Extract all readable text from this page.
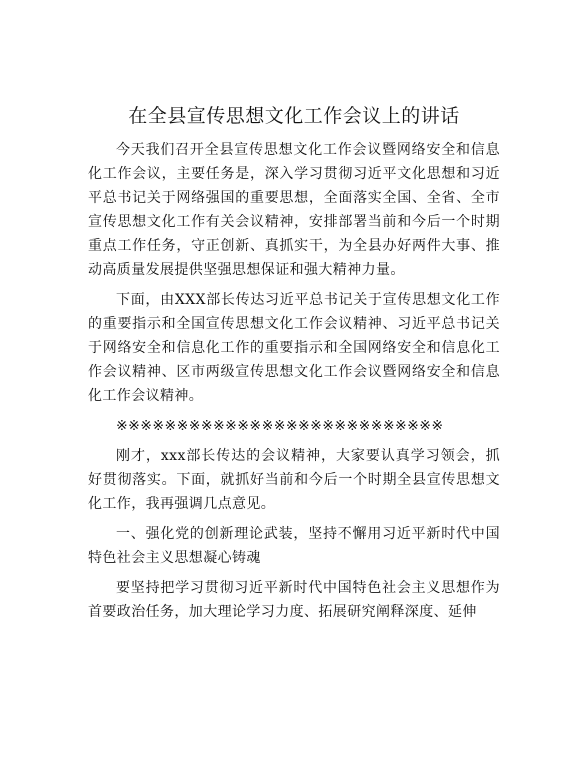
在全县宣传思想文化工作会议上的讲话

今天我们召开全县宣传思想文化工作会议暨网络安全和信息化工作会议，主要任务是，深入学习贯彻习近平文化思想和习近平总书记关于网络强国的重要思想，全面落实全国、全省、全市宣传思想文化工作有关会议精神，安排部署当前和今后一个时期重点工作任务，守正创新、真抓实干，为全县办好两件大事、推动高质量发展提供坚强思想保证和强大精神力量。

下面，由XXX部长传达习近平总书记关于宣传思想文化工作的重要指示和全国宣传思想文化工作会议精神、习近平总书记关于网络安全和信息化工作的重要指示和全国网络安全和信息化工作会议精神、区市两级宣传思想文化工作会议暨网络安全和信息化工作会议精神。

※※※※※※※※※※※※※※※※※※※※※※※※※※※

刚才，xxx部长传达的会议精神，大家要认真学习领会，抓好贯彻落实。下面，就抓好当前和今后一个时期全县宣传思想文化工作，我再强调几点意见。

一、强化党的创新理论武装，坚持不懈用习近平新时代中国特色社会主义思想凝心铸魂

要坚持把学习贯彻习近平新时代中国特色社会主义思想作为首要政治任务，加大理论学习力度、拓展研究阐释深度、延伸
